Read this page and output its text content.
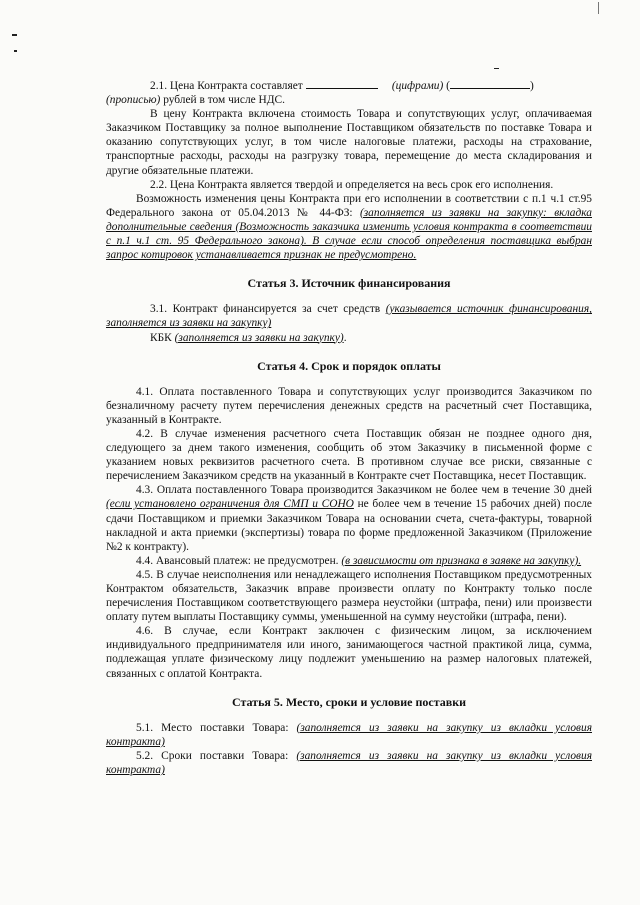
2.1. Цена Контракта составляет	(цифрами) (	)
(прописью) рублей в том числе НДС.

В цену Контракта включена стоимость Товара и сопутствующих услуг, оплачиваемая Заказчиком Поставщику за полное выполнение Поставщиком обязательств по поставке Товара и оказанию сопутствующих услуг, в том числе налоговые платежи, расходы на страхование, транспортные расходы, расходы на разгрузку товара, перемещение до места складирования и другие обязательные платежи.

2.2. Цена Контракта является твердой и определяется на весь срок его исполнения.

Возможность изменения цены Контракта при его исполнении в соответствии с п.1 ч.1 ст.95 Федерального закона от 05.04.2013 № 44-ФЗ: (заполняется из заявки на закупку: вкладка дополнительные сведения (Возможность заказчика изменить условия контракта в соответствии с п.1 ч.1 ст. 95 Федерального закона). В случае если способ определения поставщика выбран запрос котировок устанавливается признак не предусмотрено.

Статья 3. Источник финансирования

3.1. Контракт финансируется за счет средств (указывается источник финансирования, заполняется из заявки на закупку)

КБК (заполняется из заявки на закупку).

Статья 4. Срок и порядок оплаты

4.1. Оплата поставленного Товара и сопутствующих услуг производится Заказчиком по безналичному расчету путем перечисления денежных средств на расчетный счет Поставщика, указанный в Контракте.

4.2. В случае изменения расчетного счета Поставщик обязан не позднее одного дня, следующего за днем такого изменения, сообщить об этом Заказчику в письменной форме с указанием новых реквизитов расчетного счета. В противном случае все риски, связанные с перечислением Заказчиком средств на указанный в Контракте счет Поставщика, несет Поставщик.

4.3. Оплата поставленного Товара производится Заказчиком не более чем в течение 30 дней (если установлено ограничения для СМП и СОНО не более чем в течение 15 рабочих дней) после сдачи Поставщиком и приемки Заказчиком Товара на основании счета, счета-фактуры, товарной накладной и акта приемки (экспертизы) товара по форме предложенной Заказчиком (Приложение №2 к контракту).

4.4. Авансовый платеж: не предусмотрен. (в зависимости от признака в заявке на закупку).

4.5. В случае неисполнения или ненадлежащего исполнения Поставщиком предусмотренных Контрактом обязательств, Заказчик вправе произвести оплату по Контракту только после перечисления Поставщиком соответствующего размера неустойки (штрафа, пени) или произвести оплату путем выплаты Поставщику суммы, уменьшенной на сумму неустойки (штрафа, пени).

4.6. В случае, если Контракт заключен с физическим лицом, за исключением индивидуального предпринимателя или иного, занимающегося частной практикой лица, сумма, подлежащая уплате физическому лицу подлежит уменьшению на размер налоговых платежей, связанных с оплатой Контракта.

Статья 5. Место, сроки и условие поставки

5.1. Место поставки Товара: (заполняется из заявки на закупку из вкладки условия контракта)

5.2. Сроки поставки Товара: (заполняется из заявки на закупку из вкладки условия контракта)
